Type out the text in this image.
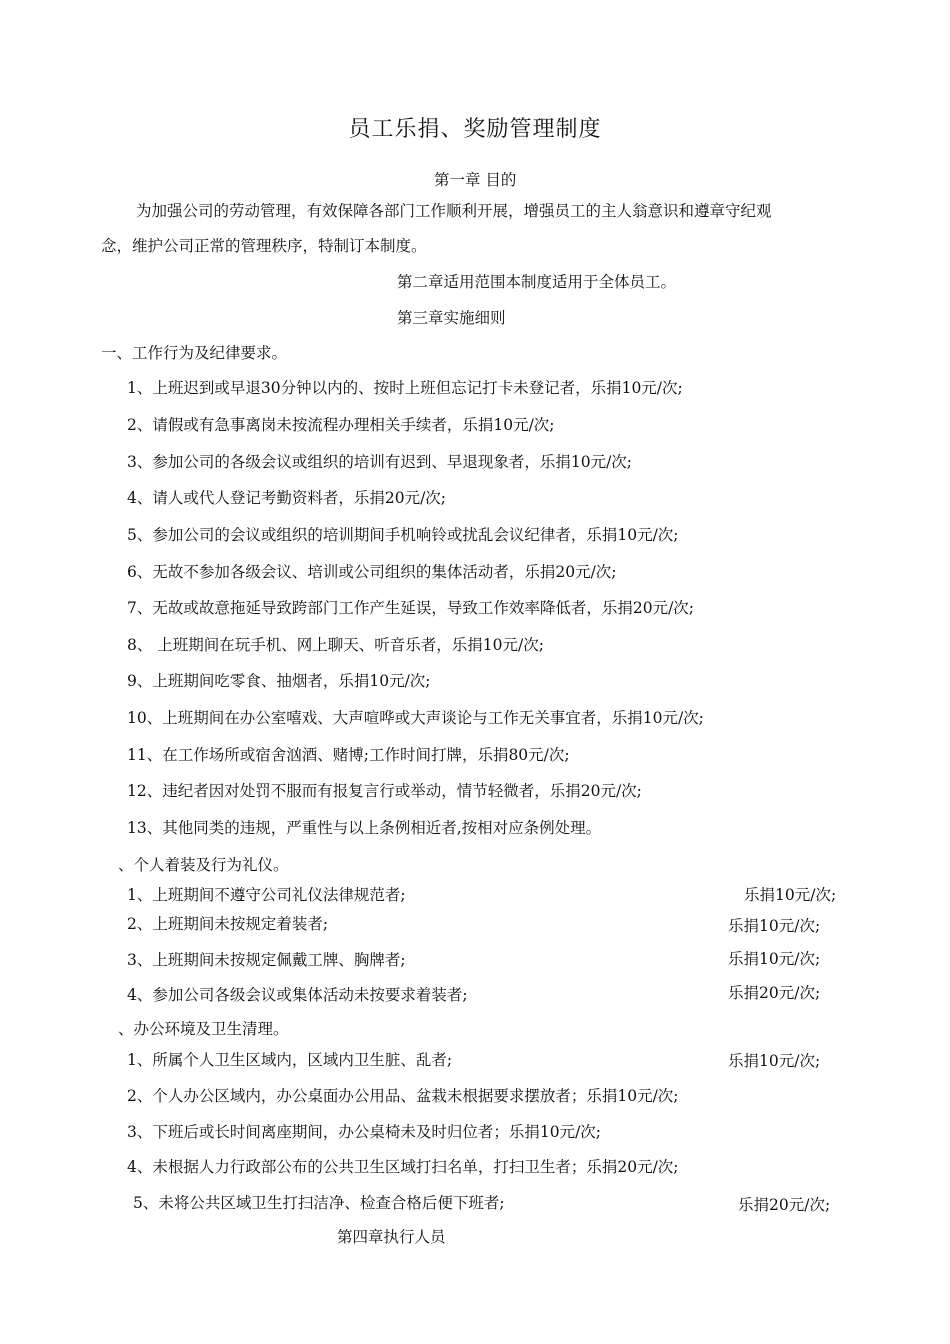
员工乐捐、奖励管理制度
第一章 目的
为加强公司的劳动管理，有效保障各部门工作顺利开展，增强员工的主人翁意识和遵章守纪观
念，维护公司正常的管理秩序，特制订本制度。
第二章适用范围本制度适用于全体员工。
第三章实施细则
一、工作行为及纪律要求。
1、上班迟到或早退30分钟以内的、按时上班但忘记打卡未登记者，乐捐10元/次;
2、请假或有急事离岗未按流程办理相关手续者，乐捐10元/次;
3、参加公司的各级会议或组织的培训有迟到、早退现象者，乐捐10元/次;
4、请人或代人登记考勤资料者，乐捐20元/次;
5、参加公司的会议或组织的培训期间手机响铃或扰乱会议纪律者，乐捐10元/次;
6、无故不参加各级会议、培训或公司组织的集体活动者，乐捐20元/次;
7、无故或故意拖延导致跨部门工作产生延误，导致工作效率降低者，乐捐20元/次;
8、 上班期间在玩手机、网上聊天、听音乐者，乐捐10元/次;
9、上班期间吃零食、抽烟者，乐捐10元/次;
10、上班期间在办公室嘻戏、大声喧哗或大声谈论与工作无关事宜者，乐捐10元/次;
11、在工作场所或宿舍汹酒、赌博;工作时间打牌，乐捐80元/次;
12、违纪者因对处罚不服而有报复言行或举动，情节轻微者，乐捐20元/次;
13、其他同类的违规，严重性与以上条例相近者,按相对应条例处理。
、个人着装及行为礼仪。
1、上班期间不遵守公司礼仪法律规范者;	乐捐10元/次;
2、上班期间未按规定着装者;	乐捐10元/次;
3、上班期间未按规定佩戴工牌、胸牌者;	乐捐10元/次;
4、参加公司各级会议或集体活动未按要求着装者;	乐捐20元/次;
、办公环境及卫生清理。
1、所属个人卫生区域内，区域内卫生脏、乱者;	乐捐10元/次;
2、个人办公区域内，办公桌面办公用品、盆栽未根据要求摆放者；乐捐10元/次;
3、下班后或长时间离座期间，办公桌椅未及时归位者；乐捐10元/次;
4、未根据人力行政部公布的公共卫生区域打扫名单，打扫卫生者；乐捐20元/次;
5、未将公共区域卫生打扫洁净、检查合格后便下班者;	乐捐20元/次;
第四章执行人员
